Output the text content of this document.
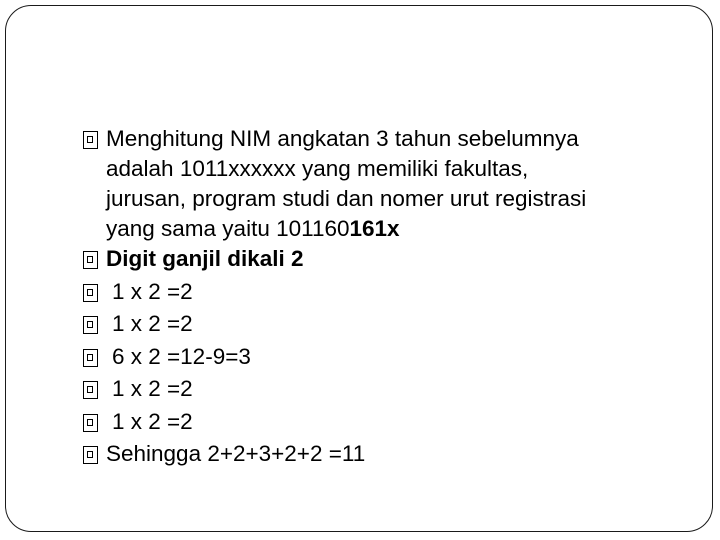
Menghitung NIM angkatan 3 tahun sebelumnya
adalah 1011xxxxxx yang memiliki fakultas,
jurusan, program studi dan nomer urut registrasi
yang sama yaitu 101160161x
Digit ganjil dikali 2
1 x 2 =2
1 x 2 =2
6 x 2 =12-9=3
1 x 2 =2
1 x 2 =2
Sehingga 2+2+3+2+2 =11
